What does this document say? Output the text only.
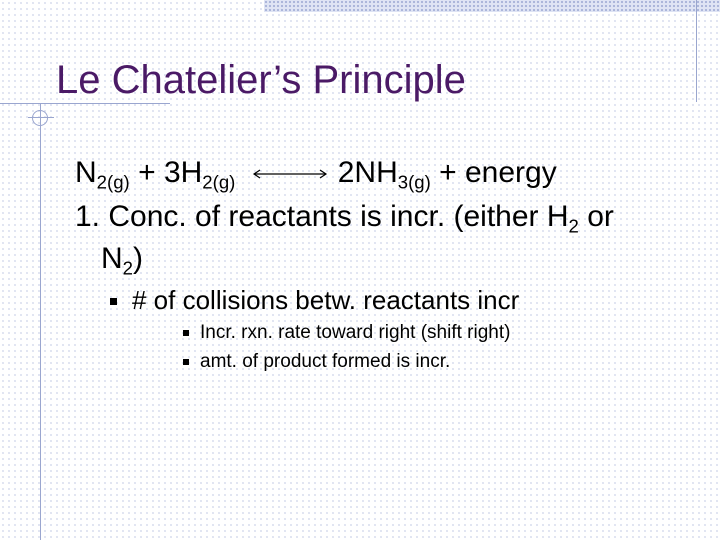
Le Chatelier’s Principle
$N_{2(g)} + 3H_{2(g)}$	$2NH_{3(g)}$ + energy
1. Conc. of reactants is incr. (either $H_2$ or
$N_2$)
# of collisions betw. reactants incr
Incr. rxn. rate toward right (shift right)
amt. of product formed is incr.
